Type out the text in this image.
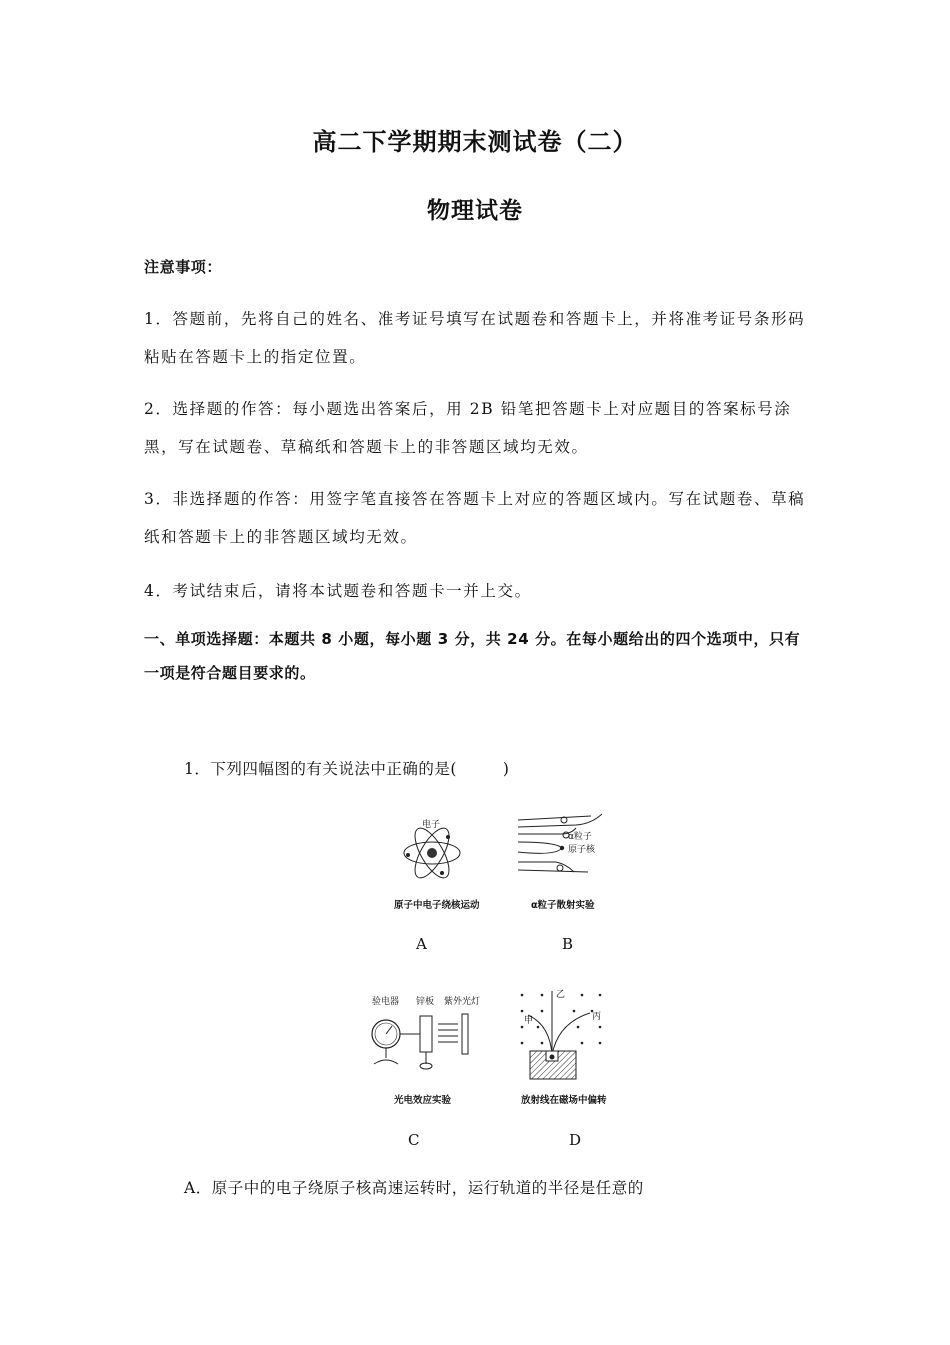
高二下学期期末测试卷（二）
物理试卷
注意事项：
1．答题前，先将自己的姓名、准考证号填写在试题卷和答题卡上，并将准考证号条形码粘贴在答题卡上的指定位置。
2．选择题的作答：每小题选出答案后，用 2B 铅笔把答题卡上对应题目的答案标号涂黑，写在试题卷、草稿纸和答题卡上的非答题区域均无效。
3．非选择题的作答：用签字笔直接答在答题卡上对应的答题区域内。写在试题卷、草稿纸和答题卡上的非答题区域均无效。
4．考试结束后，请将本试题卷和答题卡一并上交。
一、单项选择题：本题共 8 小题，每小题 3 分，共 24 分。在每小题给出的四个选项中，只有一项是符合题目要求的。
1．下列四幅图的有关说法中正确的是(	)
电子
原子中电子绕核运动
A
α粒子
原子核
α粒子散射实验
B
验电器 锌板 紫外光灯
光电效应实验
C
乙
甲	丙
放射线在磁场中偏转
D
A．原子中的电子绕原子核高速运转时，运行轨道的半径是任意的
